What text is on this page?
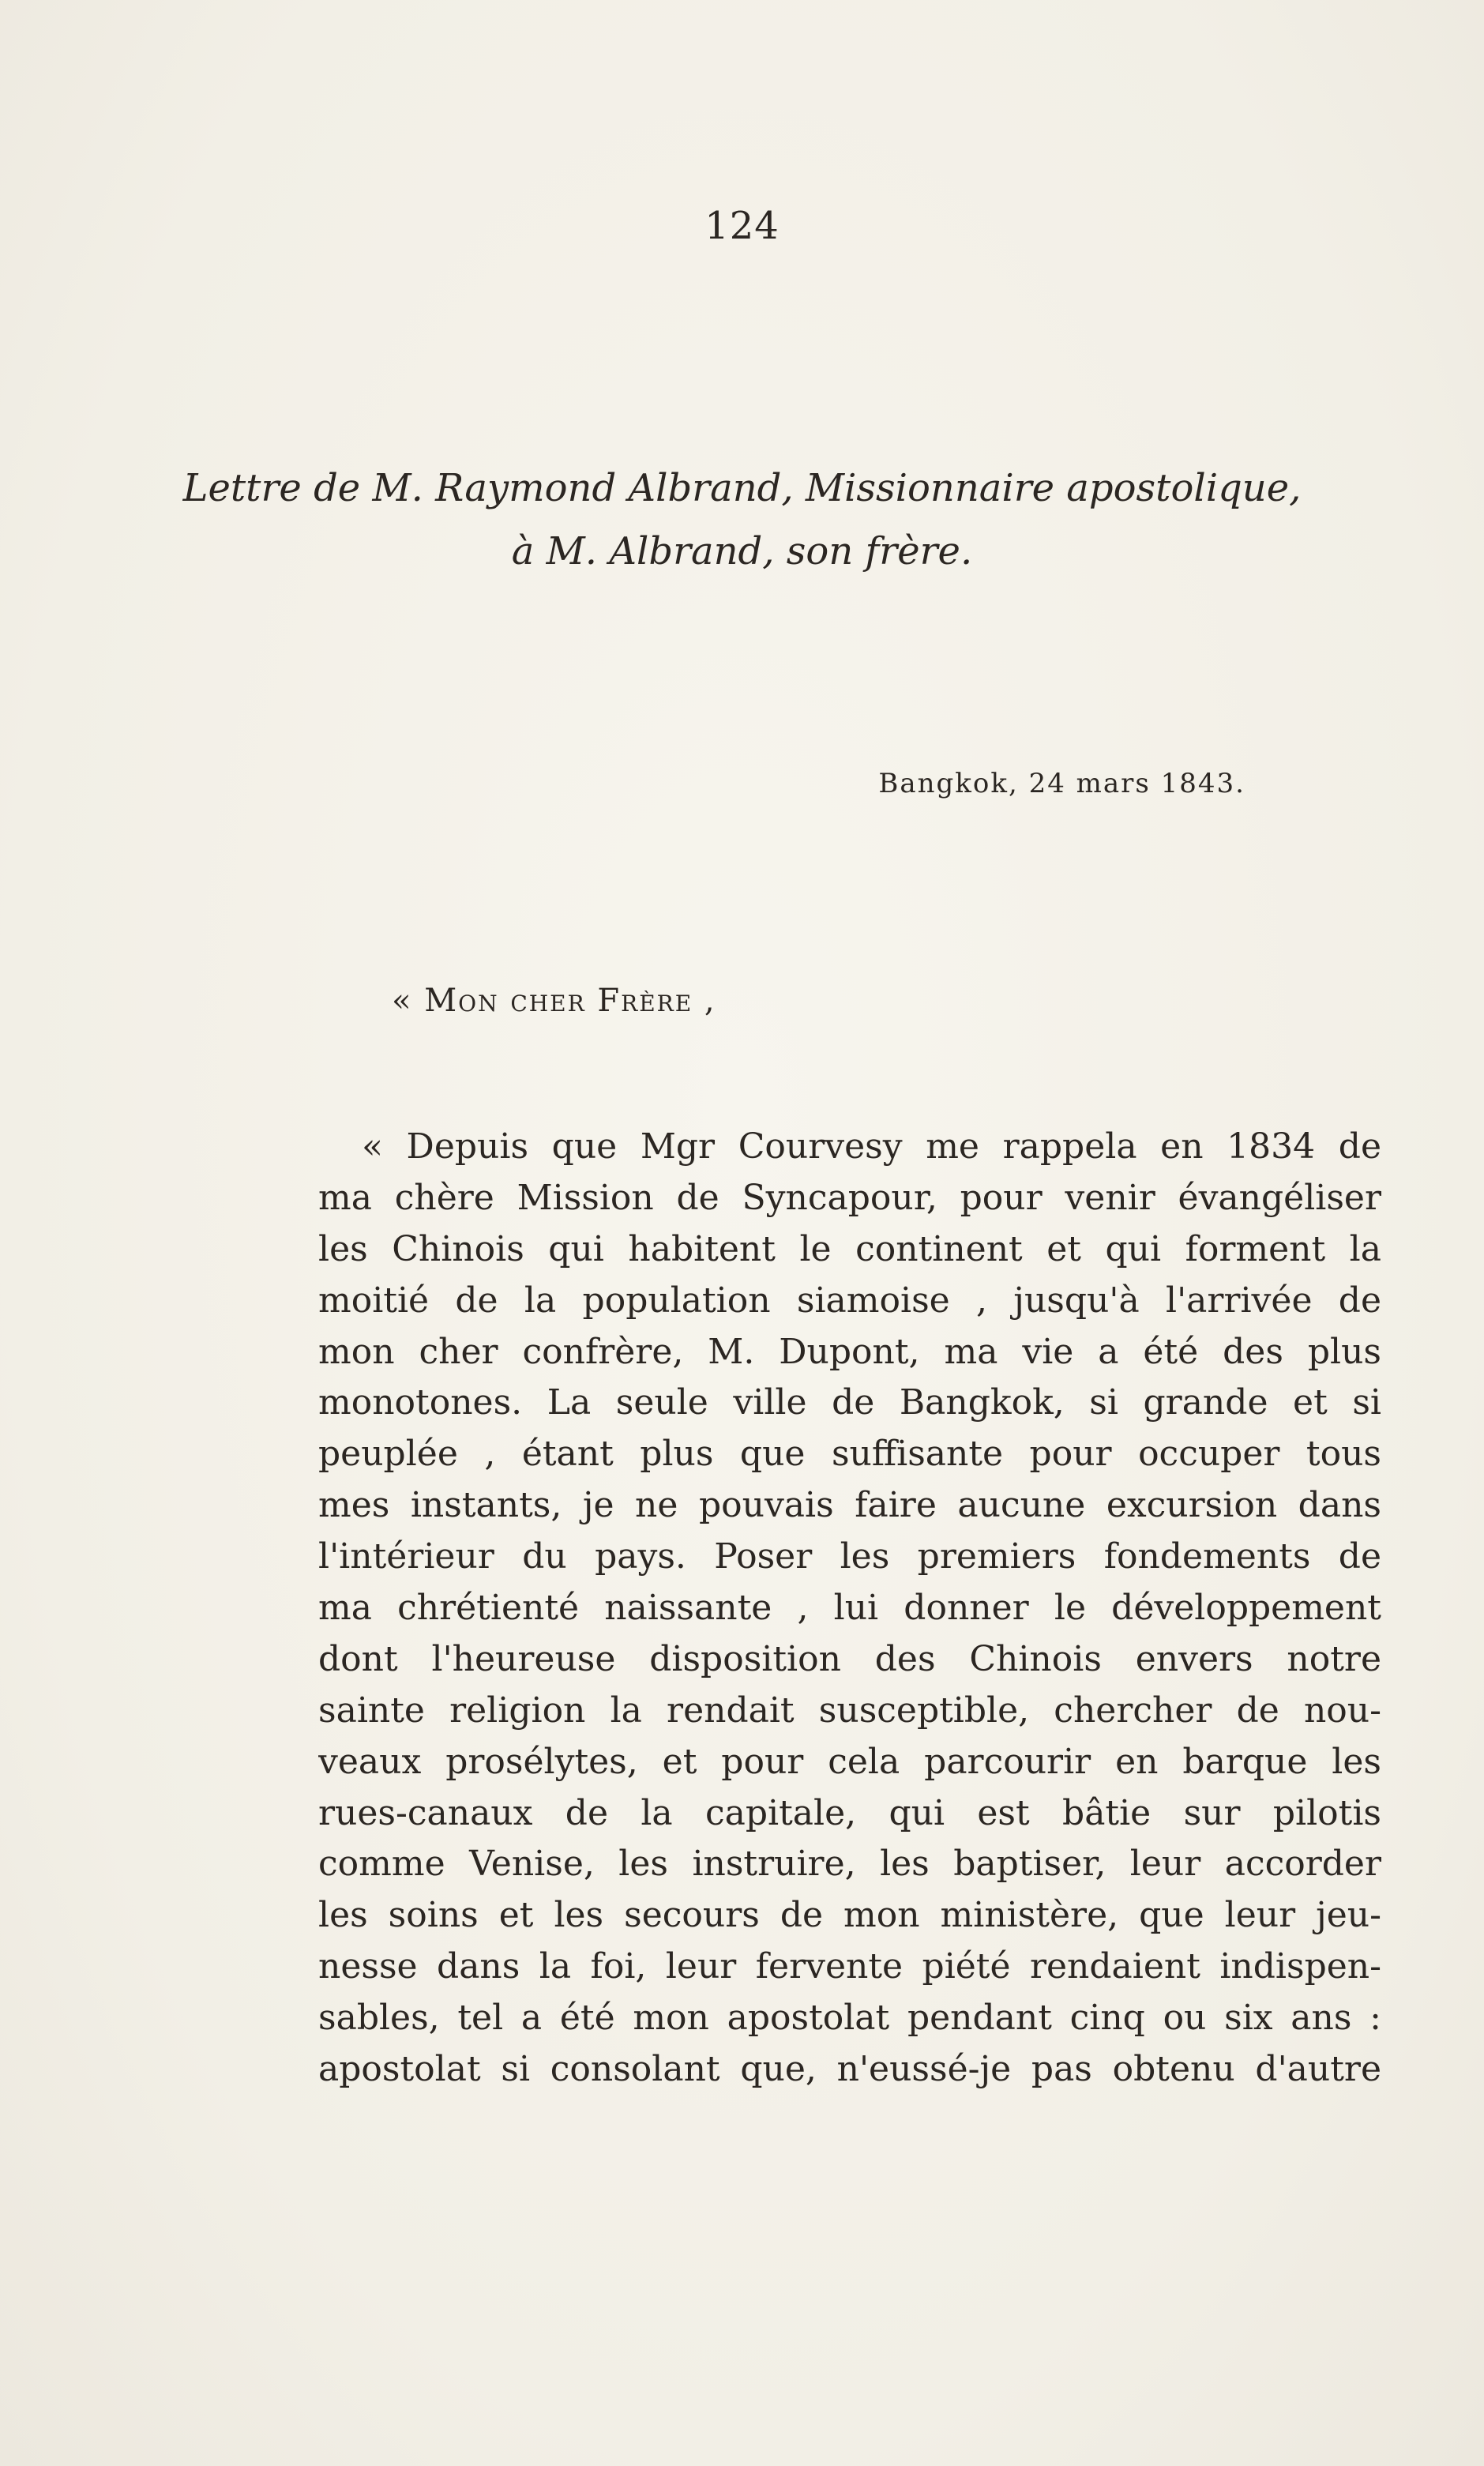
124
Lettre de M. Raymond Albrand, Missionnaire apostolique,
à M. Albrand, son frère.
Bangkok, 24 mars 1843.
« Mon cher Frère ,
« Depuis que Mgr Courvesy me rappela en 1834 de
ma chère Mission de Syncapour, pour venir évangéliser
les Chinois qui habitent le continent et qui forment la
moitié de la population siamoise , jusqu'à l'arrivée de
mon cher confrère, M. Dupont, ma vie a été des plus
monotones. La seule ville de Bangkok, si grande et si
peuplée , étant plus que suffisante pour occuper tous
mes instants, je ne pouvais faire aucune excursion dans
l'intérieur du pays. Poser les premiers fondements de
ma chrétienté naissante , lui donner le développement
dont l'heureuse disposition des Chinois envers notre
sainte religion la rendait susceptible, chercher de nou-
veaux prosélytes, et pour cela parcourir en barque les
rues-canaux de la capitale, qui est bâtie sur pilotis
comme Venise, les instruire, les baptiser, leur accorder
les soins et les secours de mon ministère, que leur jeu-
nesse dans la foi, leur fervente piété rendaient indispen-
sables, tel a été mon apostolat pendant cinq ou six ans :
apostolat si consolant que, n'eussé-je pas obtenu d'autre
